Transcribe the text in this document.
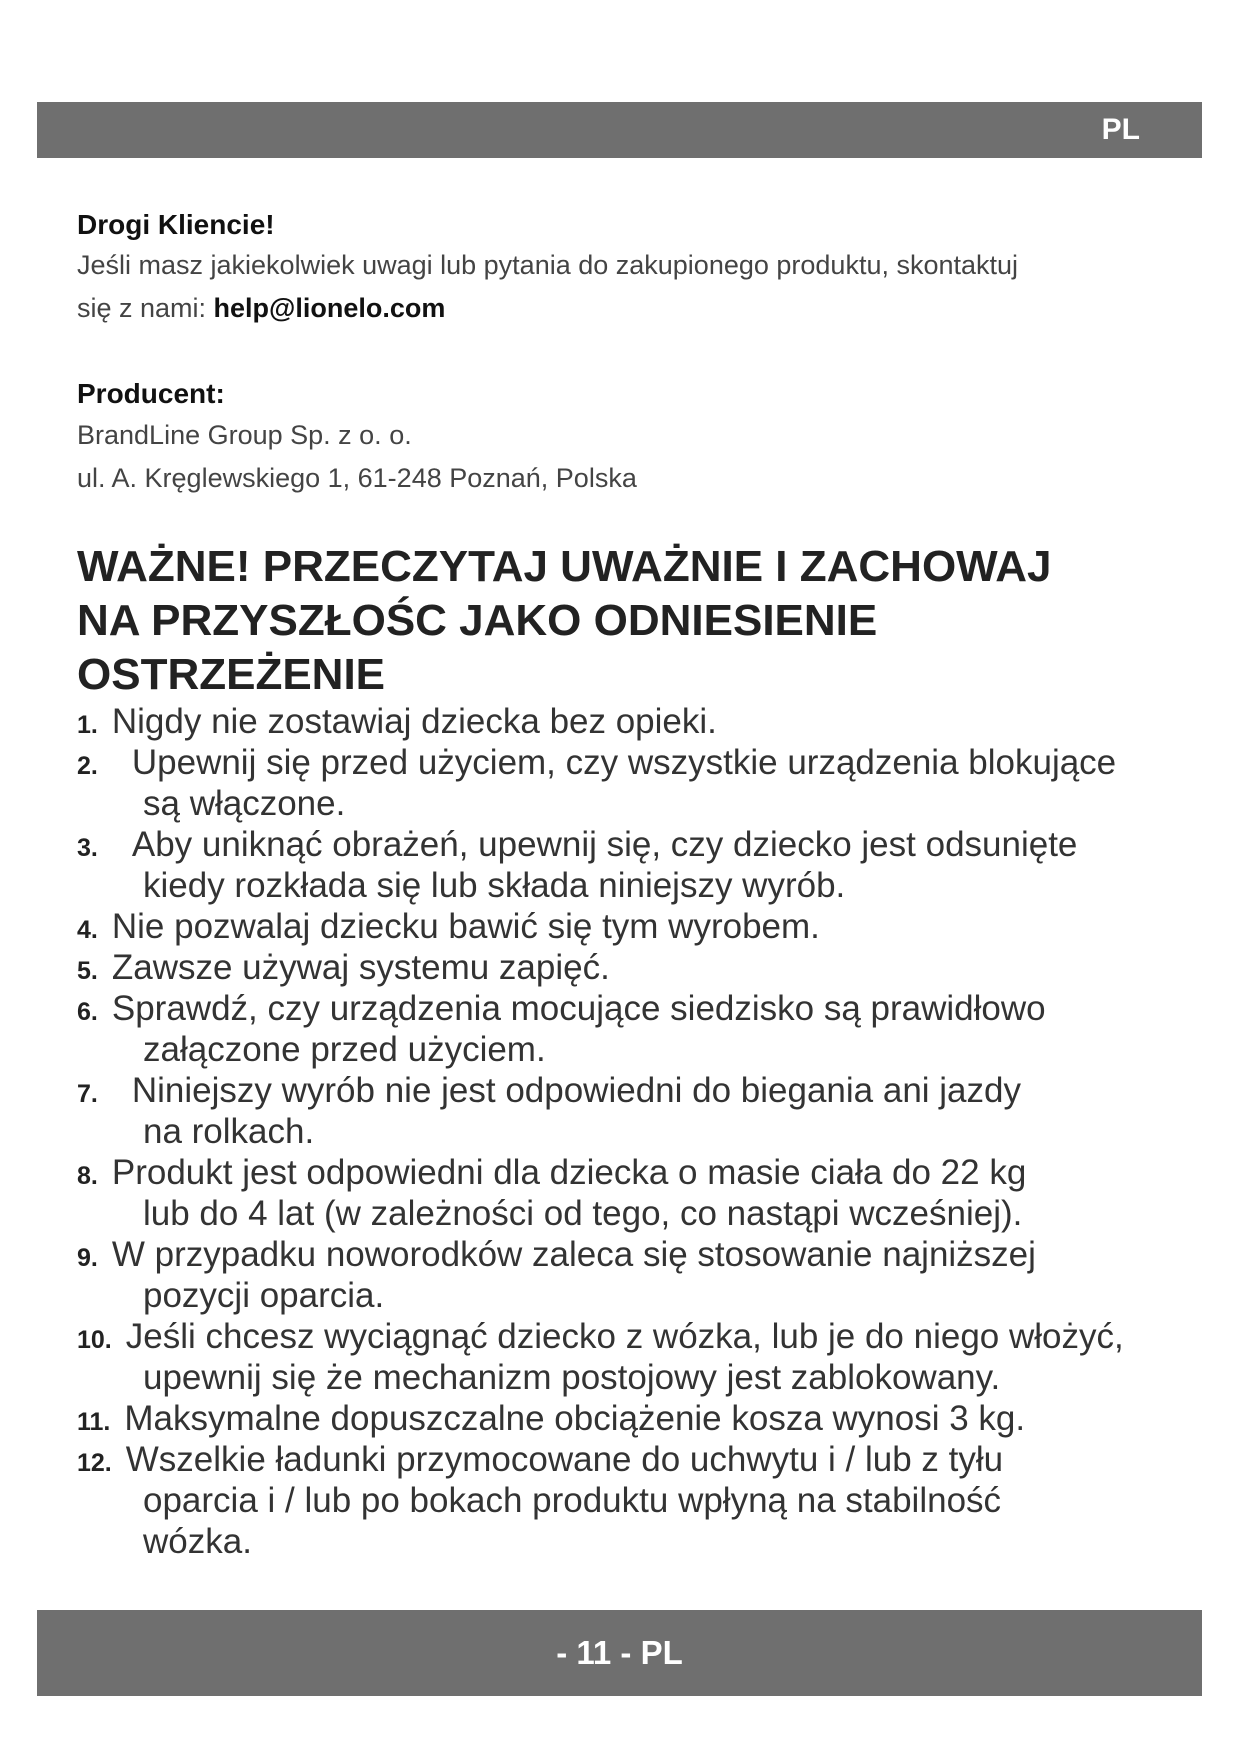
PL
Drogi Kliencie!
Jeśli masz jakiekolwiek uwagi lub pytania do zakupionego produktu, skontaktuj
się z nami: help@lionelo.com
Producent:
BrandLine Group Sp. z o. o.
ul. A. Kręglewskiego 1, 61-248 Poznań, Polska
WAŻNE! PRZECZYTAJ UWAŻNIE I ZACHOWAJ
NA PRZYSZŁOŚC JAKO ODNIESIENIE
OSTRZEŻENIE
1. Nigdy nie zostawiaj dziecka bez opieki.
2. Upewnij się przed użyciem, czy wszystkie urządzenia blokujące
są włączone.
3. Aby uniknąć obrażeń, upewnij się, czy dziecko jest odsunięte
kiedy rozkłada się lub składa niniejszy wyrób.
4. Nie pozwalaj dziecku bawić się tym wyrobem.
5. Zawsze używaj systemu zapięć.
6. Sprawdź, czy urządzenia mocujące siedzisko są prawidłowo
załączone przed użyciem.
7. Niniejszy wyrób nie jest odpowiedni do biegania ani jazdy
na rolkach.
8. Produkt jest odpowiedni dla dziecka o masie ciała do 22 kg
lub do 4 lat (w zależności od tego, co nastąpi wcześniej).
9. W przypadku noworodków zaleca się stosowanie najniższej
pozycji oparcia.
10. Jeśli chcesz wyciągnąć dziecko z wózka, lub je do niego włożyć,
upewnij się że mechanizm postojowy jest zablokowany.
11. Maksymalne dopuszczalne obciążenie kosza wynosi 3 kg.
12. Wszelkie ładunki przymocowane do uchwytu i / lub z tyłu
oparcia i / lub po bokach produktu wpłyną na stabilność
wózka.
- 11 - PL
